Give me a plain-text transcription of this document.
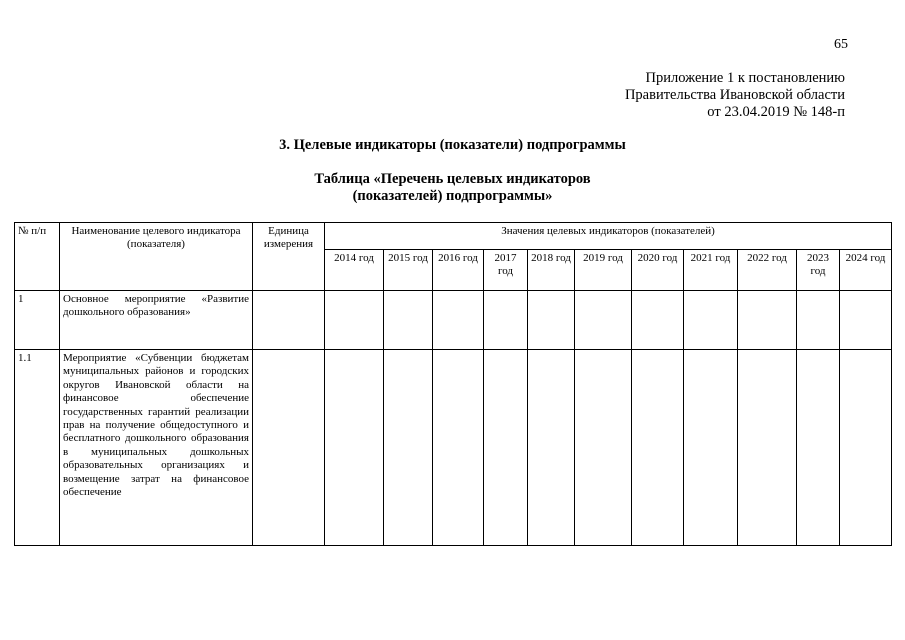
65
Приложение 1 к постановлению
Правительства Ивановской области
от 23.04.2019 № 148-п
3. Целевые индикаторы (показатели) подпрограммы
Таблица «Перечень целевых индикаторов
(показателей) подпрограммы»
№ п/п	Наименование целевого индикатора (показателя)	Единица измерения	Значения целевых индикаторов (показателей)										
			2014 год	2015 год	2016 год	2017 год	2018 год	2019 год	2020 год	2021 год	2022 год	2023 год	2024 год
1	Основное мероприятие «Развитие дошкольного образования»												
1.1	Мероприятие «Субвенции бюджетам муниципальных районов и городских округов Ивановской области на финансовое обеспечение государственных гарантий реализации прав на получение общедоступного и бесплатного дошкольного образования в муниципальных дошкольных образовательных организациях и возмещение затрат на финансовое обеспечение												
